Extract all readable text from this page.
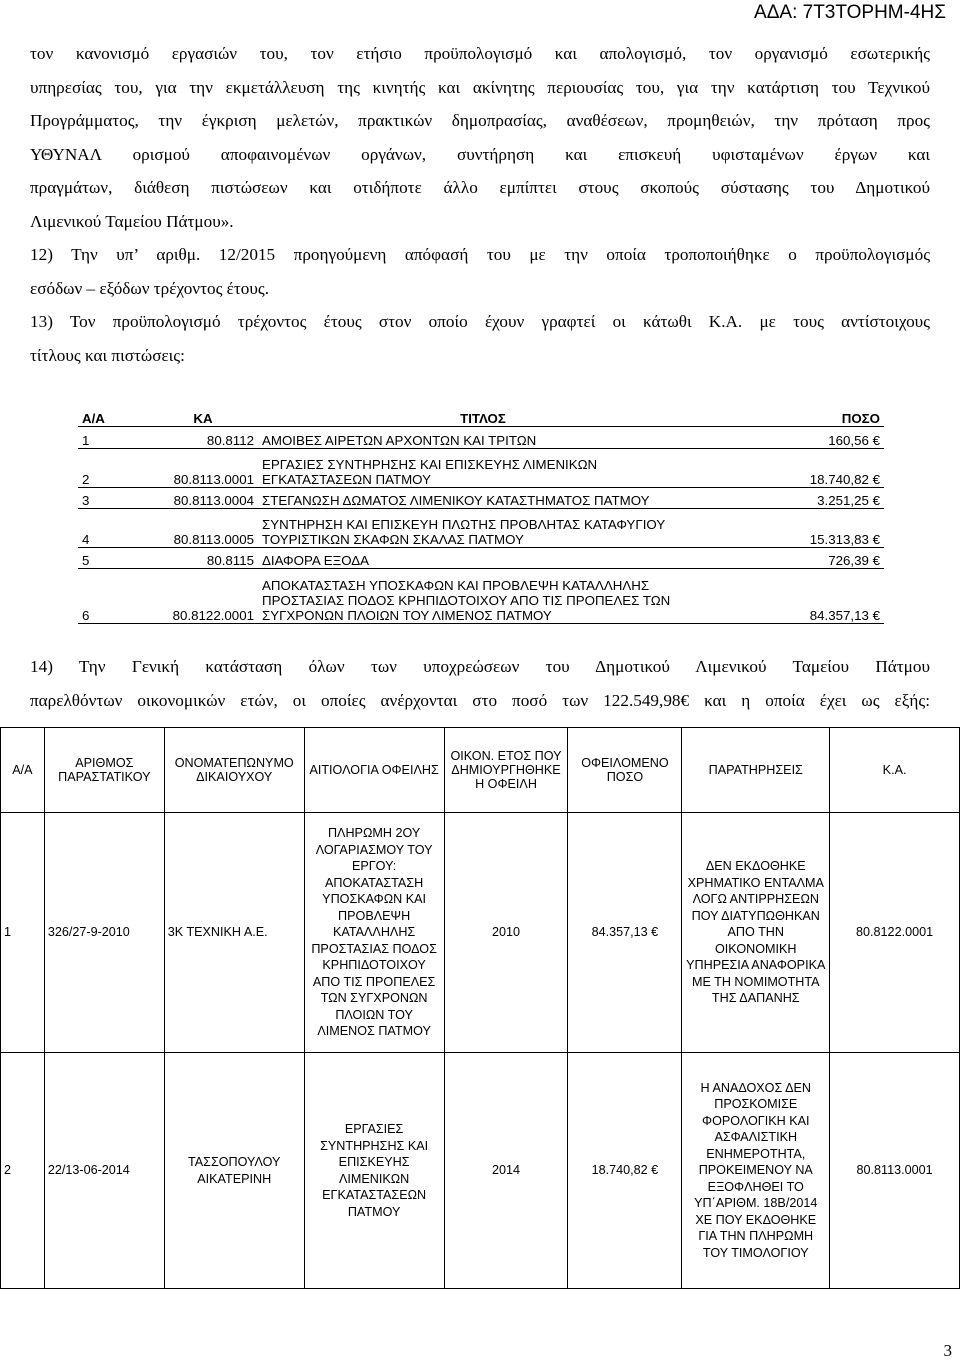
ΑΔΑ: 7Τ3ΤΟΡΗΜ-4ΗΣ
τον κανονισμό εργασιών του, τον ετήσιο προϋπολογισμό και απολογισμό, τον οργανισμό εσωτερικής
υπηρεσίας του, για την εκμετάλλευση της κινητής και ακίνητης περιουσίας του, για την κατάρτιση του Τεχνικού
Προγράμματος, την έγκριση μελετών, πρακτικών δημοπρασίας, αναθέσεων, προμηθειών, την πρόταση προς
ΥΘΥΝΑΛ ορισμού αποφαινομένων οργάνων, συντήρηση και επισκευή υφισταμένων έργων και
πραγμάτων, διάθεση πιστώσεων και οτιδήποτε άλλο εμπίπτει στους σκοπούς σύστασης του Δημοτικού
Λιμενικού Ταμείου Πάτμου».
12) Την υπ’ αριθμ. 12/2015 προηγούμενη απόφασή του με την οποία τροποποιήθηκε ο προϋπολογισμός
εσόδων – εξόδων τρέχοντος έτους.
13) Τον προϋπολογισμό τρέχοντος έτους στον οποίο έχουν γραφτεί οι κάτωθι Κ.Α. με τους αντίστοιχους
τίτλους και πιστώσεις:
Α/Α	ΚΑ	ΤΙΤΛΟΣ	ΠΟΣΟ
1	80.8112	ΑΜΟΙΒΕΣ ΑΙΡΕΤΩΝ ΑΡΧΟΝΤΩΝ ΚΑΙ ΤΡΙΤΩΝ	160,56 €
2	80.8113.0001	ΕΡΓΑΣΙΕΣ ΣΥΝΤΗΡΗΣΗΣ ΚΑΙ ΕΠΙΣΚΕΥΗΣ ΛΙΜΕΝΙΚΩΝ ΕΓΚΑΤΑΣΤΑΣΕΩΝ ΠΑΤΜΟΥ	18.740,82 €
3	80.8113.0004	ΣΤΕΓΑΝΩΣΗ ΔΩΜΑΤΟΣ ΛΙΜΕΝΙΚΟΥ ΚΑΤΑΣΤΗΜΑΤΟΣ ΠΑΤΜΟΥ	3.251,25 €
4	80.8113.0005	ΣΥΝΤΗΡΗΣΗ ΚΑΙ ΕΠΙΣΚΕΥΗ ΠΛΩΤΗΣ ΠΡΟΒΛΗΤΑΣ ΚΑΤΑΦΥΓΙΟΥ ΤΟΥΡΙΣΤΙΚΩΝ ΣΚΑΦΩΝ ΣΚΑΛΑΣ ΠΑΤΜΟΥ	15.313,83 €
5	80.8115	ΔΙΑΦΟΡΑ ΕΞΟΔΑ	726,39 €
6	80.8122.0001	ΑΠΟΚΑΤΑΣΤΑΣΗ ΥΠΟΣΚΑΦΩΝ ΚΑΙ ΠΡΟΒΛΕΨΗ ΚΑΤΑΛΛΗΛΗΣ ΠΡΟΣΤΑΣΙΑΣ ΠΟΔΟΣ ΚΡΗΠΙΔΟΤΟΙΧΟΥ ΑΠΟ ΤΙΣ ΠΡΟΠΕΛΕΣ ΤΩΝ ΣΥΓΧΡΟΝΩΝ ΠΛΟΙΩΝ ΤΟΥ ΛΙΜΕΝΟΣ ΠΑΤΜΟΥ	84.357,13 €
14) Την Γενική κατάσταση όλων των υποχρεώσεων του Δημοτικού Λιμενικού Ταμείου Πάτμου
παρελθόντων οικονομικών ετών, οι οποίες ανέρχονται στο ποσό των 122.549,98€ και η οποία έχει ως εξής:
Α/Α	ΑΡΙΘΜΟΣ ΠΑΡΑΣΤΑΤΙΚΟΥ	ΟΝΟΜΑΤΕΠΩΝΥΜΟ ΔΙΚΑΙΟΥΧΟΥ	ΑΙΤΙΟΛΟΓΙΑ ΟΦΕΙΛΗΣ	ΟΙΚΟΝ. ΕΤΟΣ ΠΟΥ ΔΗΜΙΟΥΡΓΗΘΗΚΕ Η ΟΦΕΙΛΗ	ΟΦΕΙΛΟΜΕΝΟ ΠΟΣΟ	ΠΑΡΑΤΗΡΗΣΕΙΣ	Κ.Α.
1	326/27-9-2010	3Κ ΤΕΧΝΙΚΗ Α.Ε.	ΠΛΗΡΩΜΗ 2ΟΥ ΛΟΓΑΡΙΑΣΜΟΥ ΤΟΥ ΕΡΓΟΥ: ΑΠΟΚΑΤΑΣΤΑΣΗ ΥΠΟΣΚΑΦΩΝ ΚΑΙ ΠΡΟΒΛΕΨΗ ΚΑΤΑΛΛΗΛΗΣ ΠΡΟΣΤΑΣΙΑΣ ΠΟΔΟΣ ΚΡΗΠΙΔΟΤΟΙΧΟΥ ΑΠΟ ΤΙΣ ΠΡΟΠΕΛΕΣ ΤΩΝ ΣΥΓΧΡΟΝΩΝ ΠΛΟΙΩΝ ΤΟΥ ΛΙΜΕΝΟΣ ΠΑΤΜΟΥ	2010	84.357,13 €	ΔΕΝ ΕΚΔΟΘΗΚΕ ΧΡΗΜΑΤΙΚΟ ΕΝΤΑΛΜΑ ΛΟΓΩ ΑΝΤΙΡΡΗΣΕΩΝ ΠΟΥ ΔΙΑΤΥΠΩΘΗΚΑΝ ΑΠΟ ΤΗΝ ΟΙΚΟΝΟΜΙΚΗ ΥΠΗΡΕΣΙΑ ΑΝΑΦΟΡΙΚΑ ΜΕ ΤΗ ΝΟΜΙΜΟΤΗΤΑ ΤΗΣ ΔΑΠΑΝΗΣ	80.8122.0001
2	22/13-06-2014	ΤΑΣΣΟΠΟΥΛΟΥ ΑΙΚΑΤΕΡΙΝΗ	ΕΡΓΑΣΙΕΣ ΣΥΝΤΗΡΗΣΗΣ ΚΑΙ ΕΠΙΣΚΕΥΗΣ ΛΙΜΕΝΙΚΩΝ ΕΓΚΑΤΑΣΤΑΣΕΩΝ ΠΑΤΜΟΥ	2014	18.740,82 €	Η ΑΝΑΔΟΧΟΣ ΔΕΝ ΠΡΟΣΚΟΜΙΣΕ ΦΟΡΟΛΟΓΙΚΗ ΚΑΙ ΑΣΦΑΛΙΣΤΙΚΗ ΕΝΗΜΕΡΟΤΗΤΑ, ΠΡΟΚΕΙΜΕΝΟΥ ΝΑ ΕΞΟΦΛΗΘΕΙ ΤΟ ΥΠ΄ΑΡΙΘΜ. 18Β/2014 ΧΕ ΠΟΥ ΕΚΔΟΘΗΚΕ ΓΙΑ ΤΗΝ ΠΛΗΡΩΜΗ ΤΟΥ ΤΙΜΟΛΟΓΙΟΥ	80.8113.0001
3
